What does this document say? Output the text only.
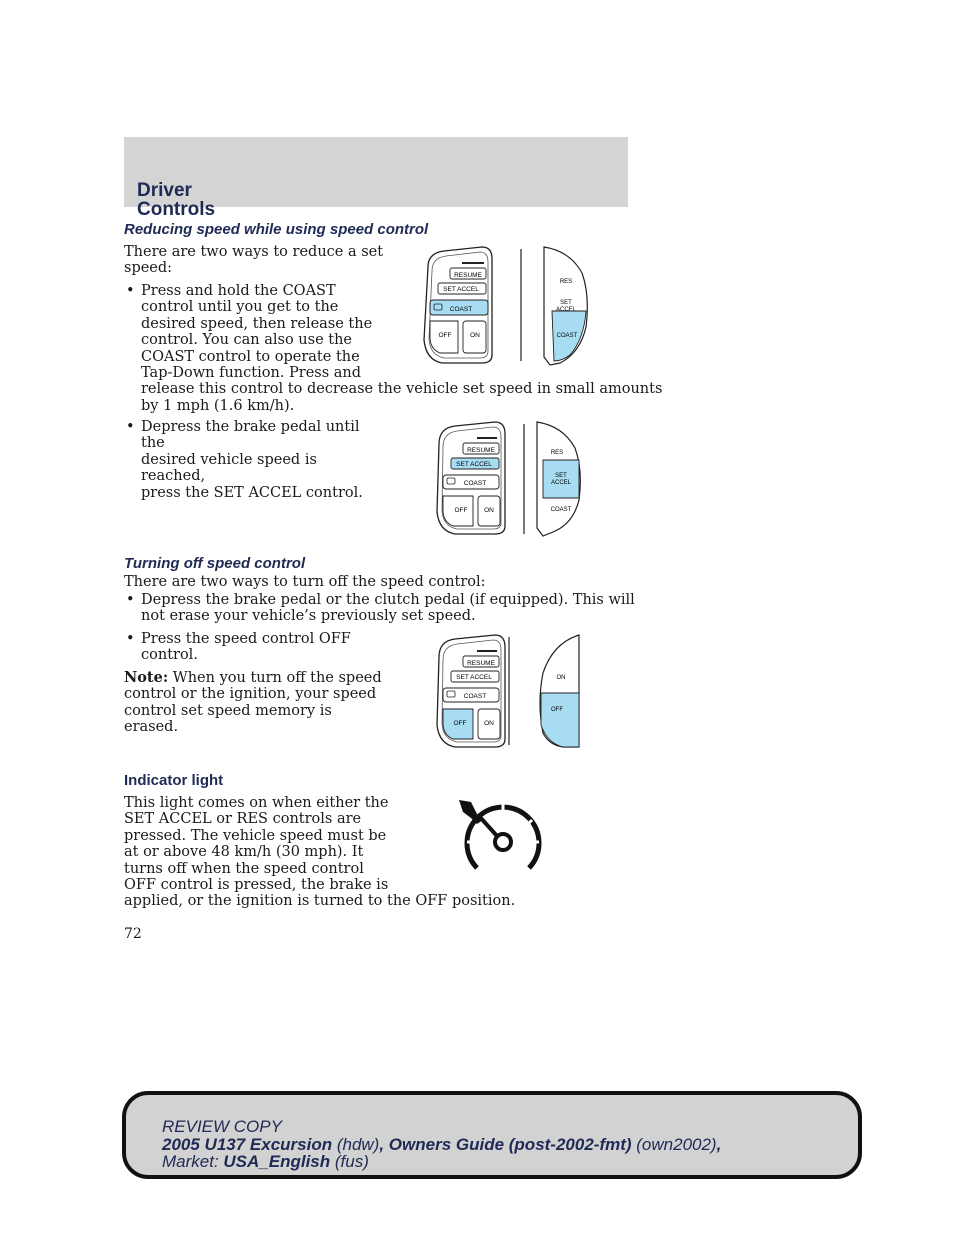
Driver Controls
Reducing speed while using speed control
There are two ways to reduce a set
speed:
• Press and hold the COAST
control until you get to the
desired speed, then release the
control. You can also use the
COAST control to operate the
Tap-Down function. Press and
release this control to decrease the vehicle set speed in small amounts
by 1 mph (1.6 km/h).
• Depress the brake pedal until the
desired vehicle speed is reached,
press the SET ACCEL control.
RESUME
SET ACCEL
COAST
OFF	ON
RES
SET
ACCEL
COAST
RESUME
SET ACCEL
COAST
OFF	ON
RES
SET
ACCEL
COAST
Turning off speed control
There are two ways to turn off the speed control:
• Depress the brake pedal or the clutch pedal (if equipped). This will
not erase your vehicle’s previously set speed.
• Press the speed control OFF
control.
Note: When you turn off the speed
control or the ignition, your speed
control set speed memory is erased.
RESUME
SET ACCEL
COAST
OFF	ON
ON
OFF
Indicator light
This light comes on when either the
SET ACCEL or RES controls are
pressed. The vehicle speed must be
at or above 48 km/h (30 mph). It
turns off when the speed control
OFF control is pressed, the brake is
applied, or the ignition is turned to the OFF position.
72
REVIEW COPY
2005 U137 Excursion (hdw), Owners Guide (post-2002-fmt) (own2002),
Market: USA_English (fus)
